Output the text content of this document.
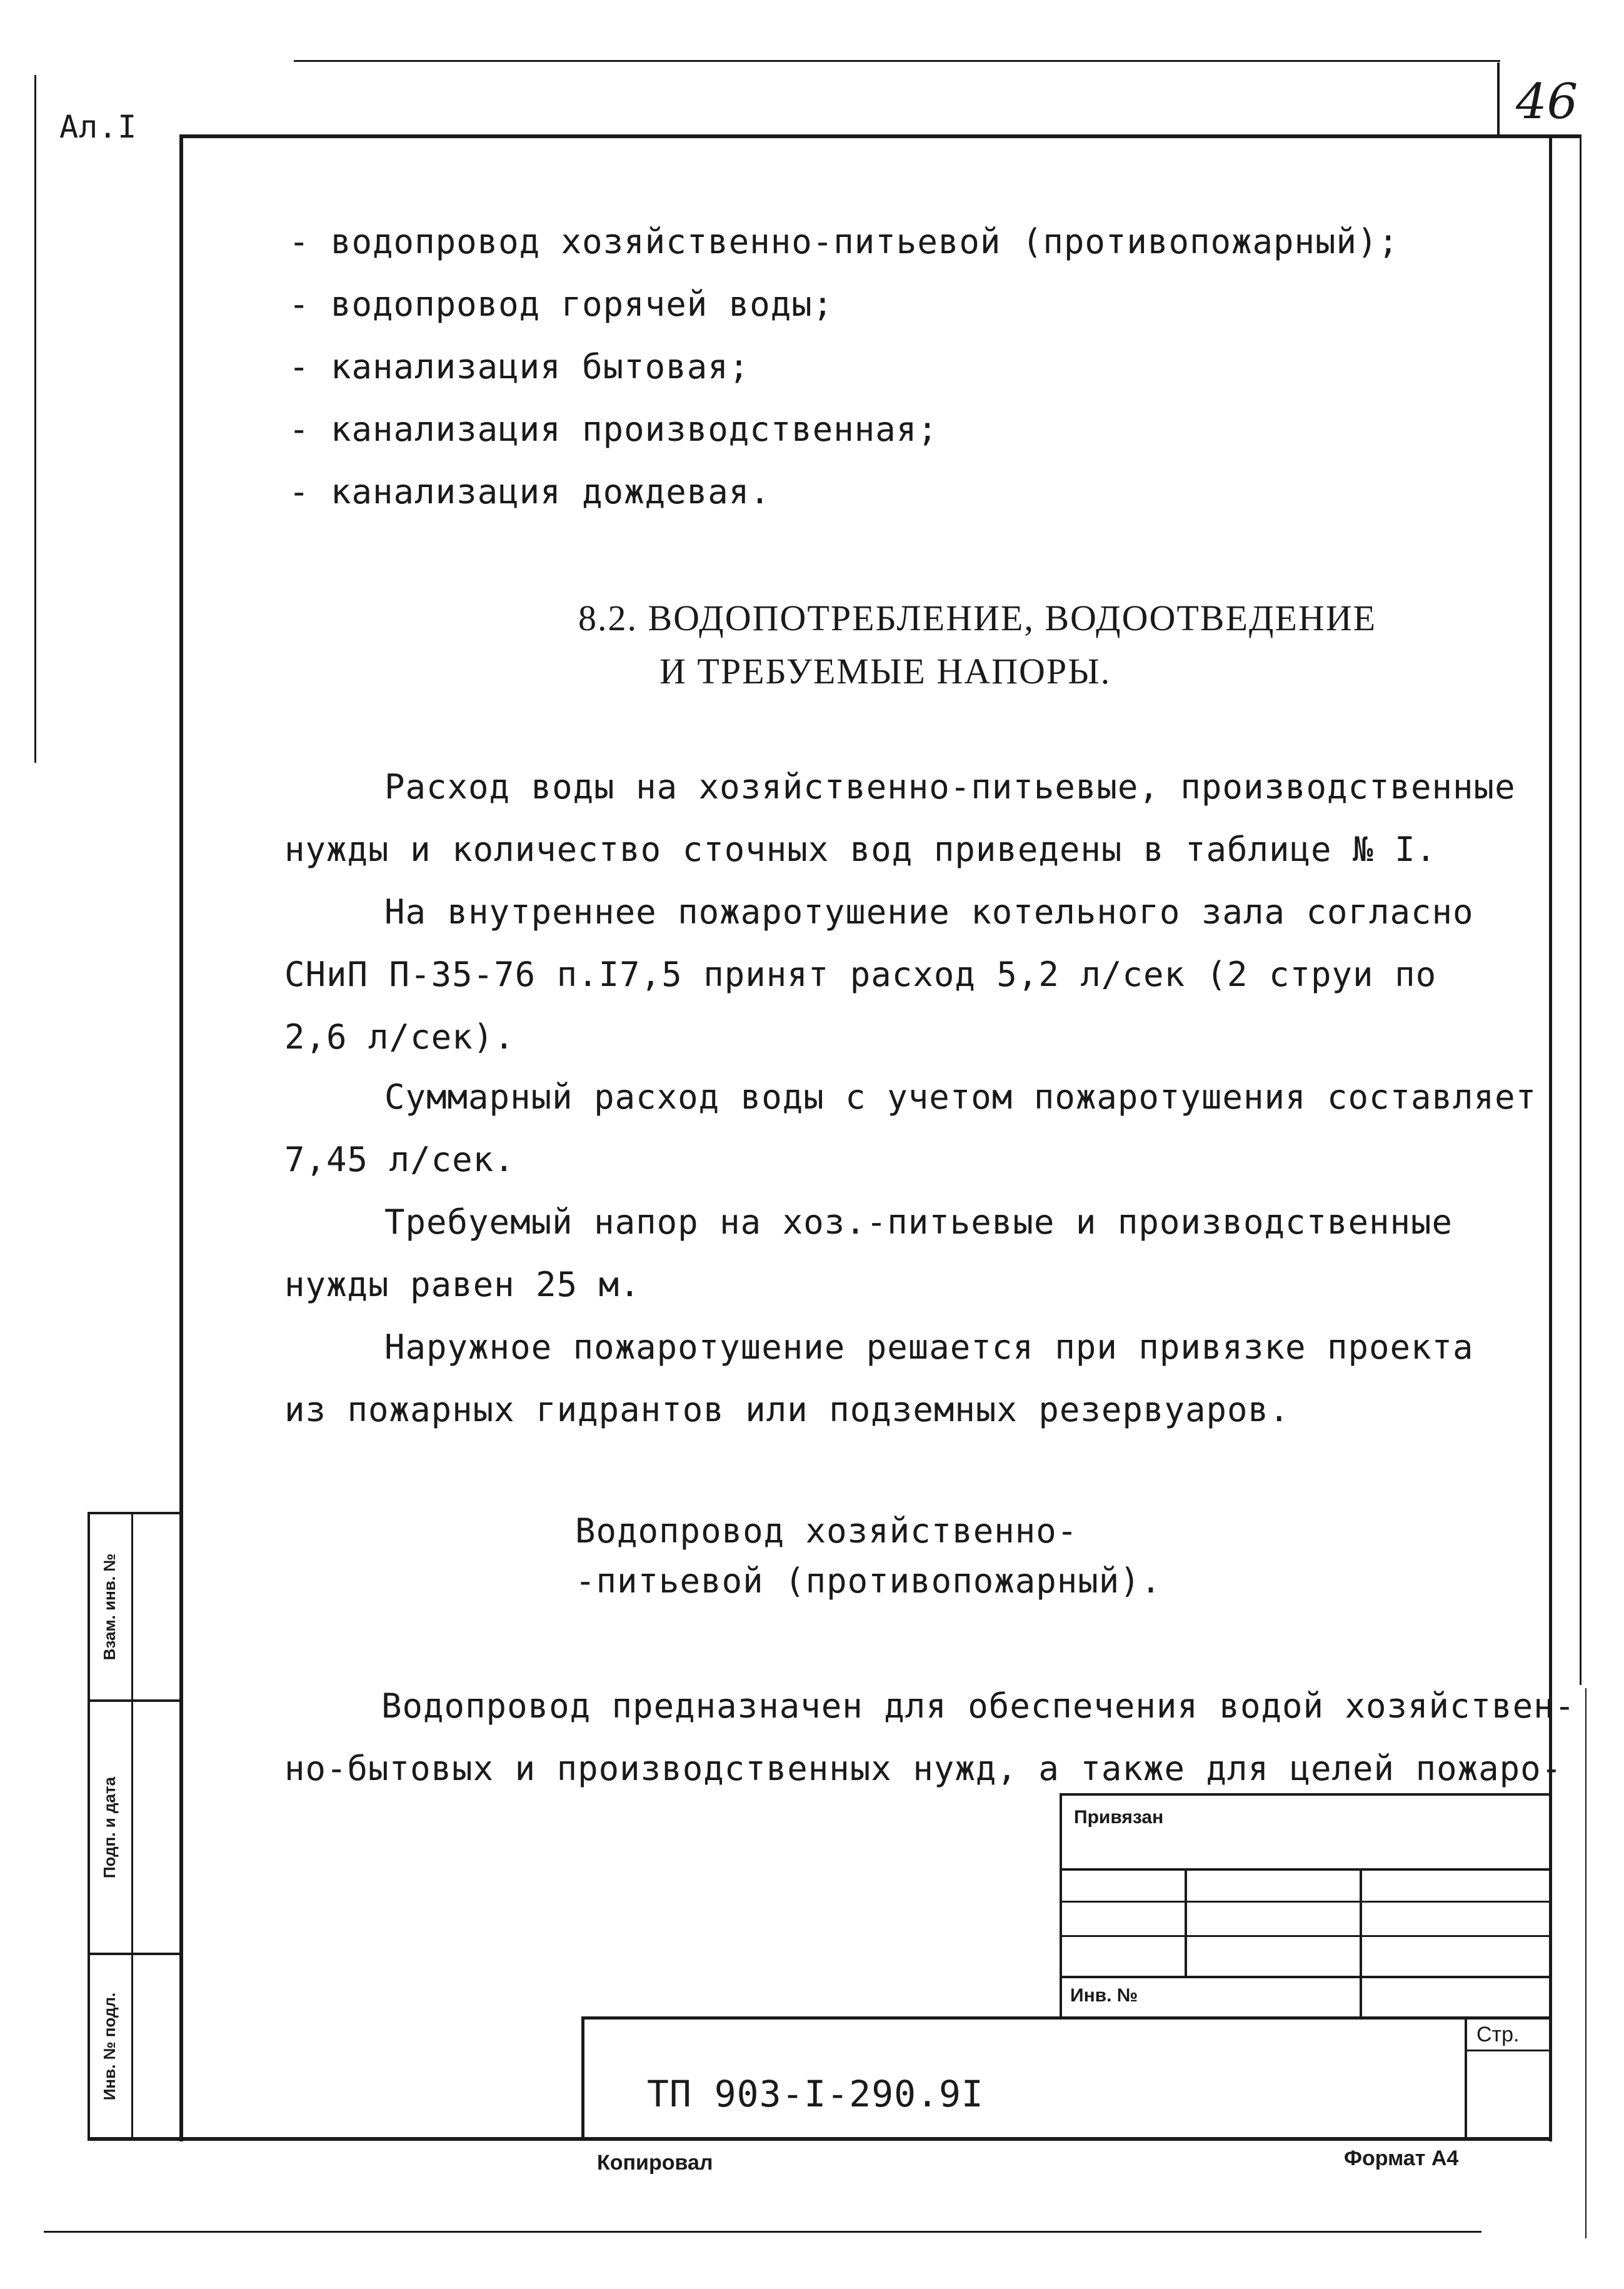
Ал.I	46
- водопровод хозяйственно-питьевой (противопожарный);
- водопровод горячей воды;
- канализация бытовая;
- канализация производственная;
- канализация дождевая.
8.2. ВОДОПОТРЕБЛЕНИЕ, ВОДООТВЕДЕНИЕ
И ТРЕБУЕМЫЕ НАПОРЫ.
Расход воды на хозяйственно-питьевые, производственные
нужды и количество сточных вод приведены в таблице № I.
На внутреннее пожаротушение котельного зала согласно
СНиП П-35-76 п.I7,5 принят расход 5,2 л/сек (2 струи по
2,6 л/сек).
Суммарный расход воды с учетом пожаротушения составляет
7,45 л/сек.
Требуемый напор на хоз.-питьевые и производственные
нужды равен 25 м.
Наружное пожаротушение решается при привязке проекта
из пожарных гидрантов или подземных резервуаров.
Водопровод хозяйственно-
-питьевой (противопожарный).
Водопровод предназначен для обеспечения водой хозяйствен-
но-бытовых и производственных нужд, а также для целей пожаро-
Взам. инв. №
Подп. и дата
Инв. № подл.
Привязан
Инв. №
Стр.
ТП 903-I-290.9I
Копировал	Формат А4
